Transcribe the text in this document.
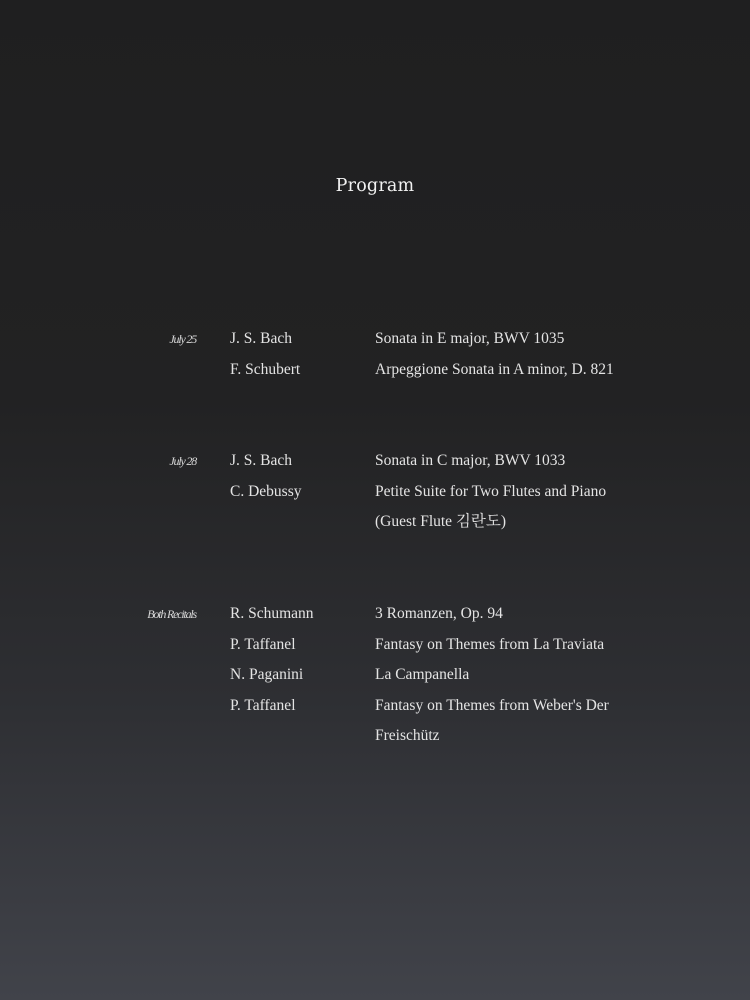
Program
July 25 J. S. Bach	Sonata in E major, BWV 1035
F. Schubert	Arpeggione Sonata in A minor, D. 821
July 28 J. S. Bach	Sonata in C major, BWV 1033
C. Debussy	Petite Suite for Two Flutes and Piano
(Guest Flute 김란도)
Both Recitals R. Schumann	3 Romanzen, Op. 94
P. Taffanel	Fantasy on Themes from La Traviata
N. Paganini	La Campanella
P. Taffanel	Fantasy on Themes from Weber's Der
Freischütz
